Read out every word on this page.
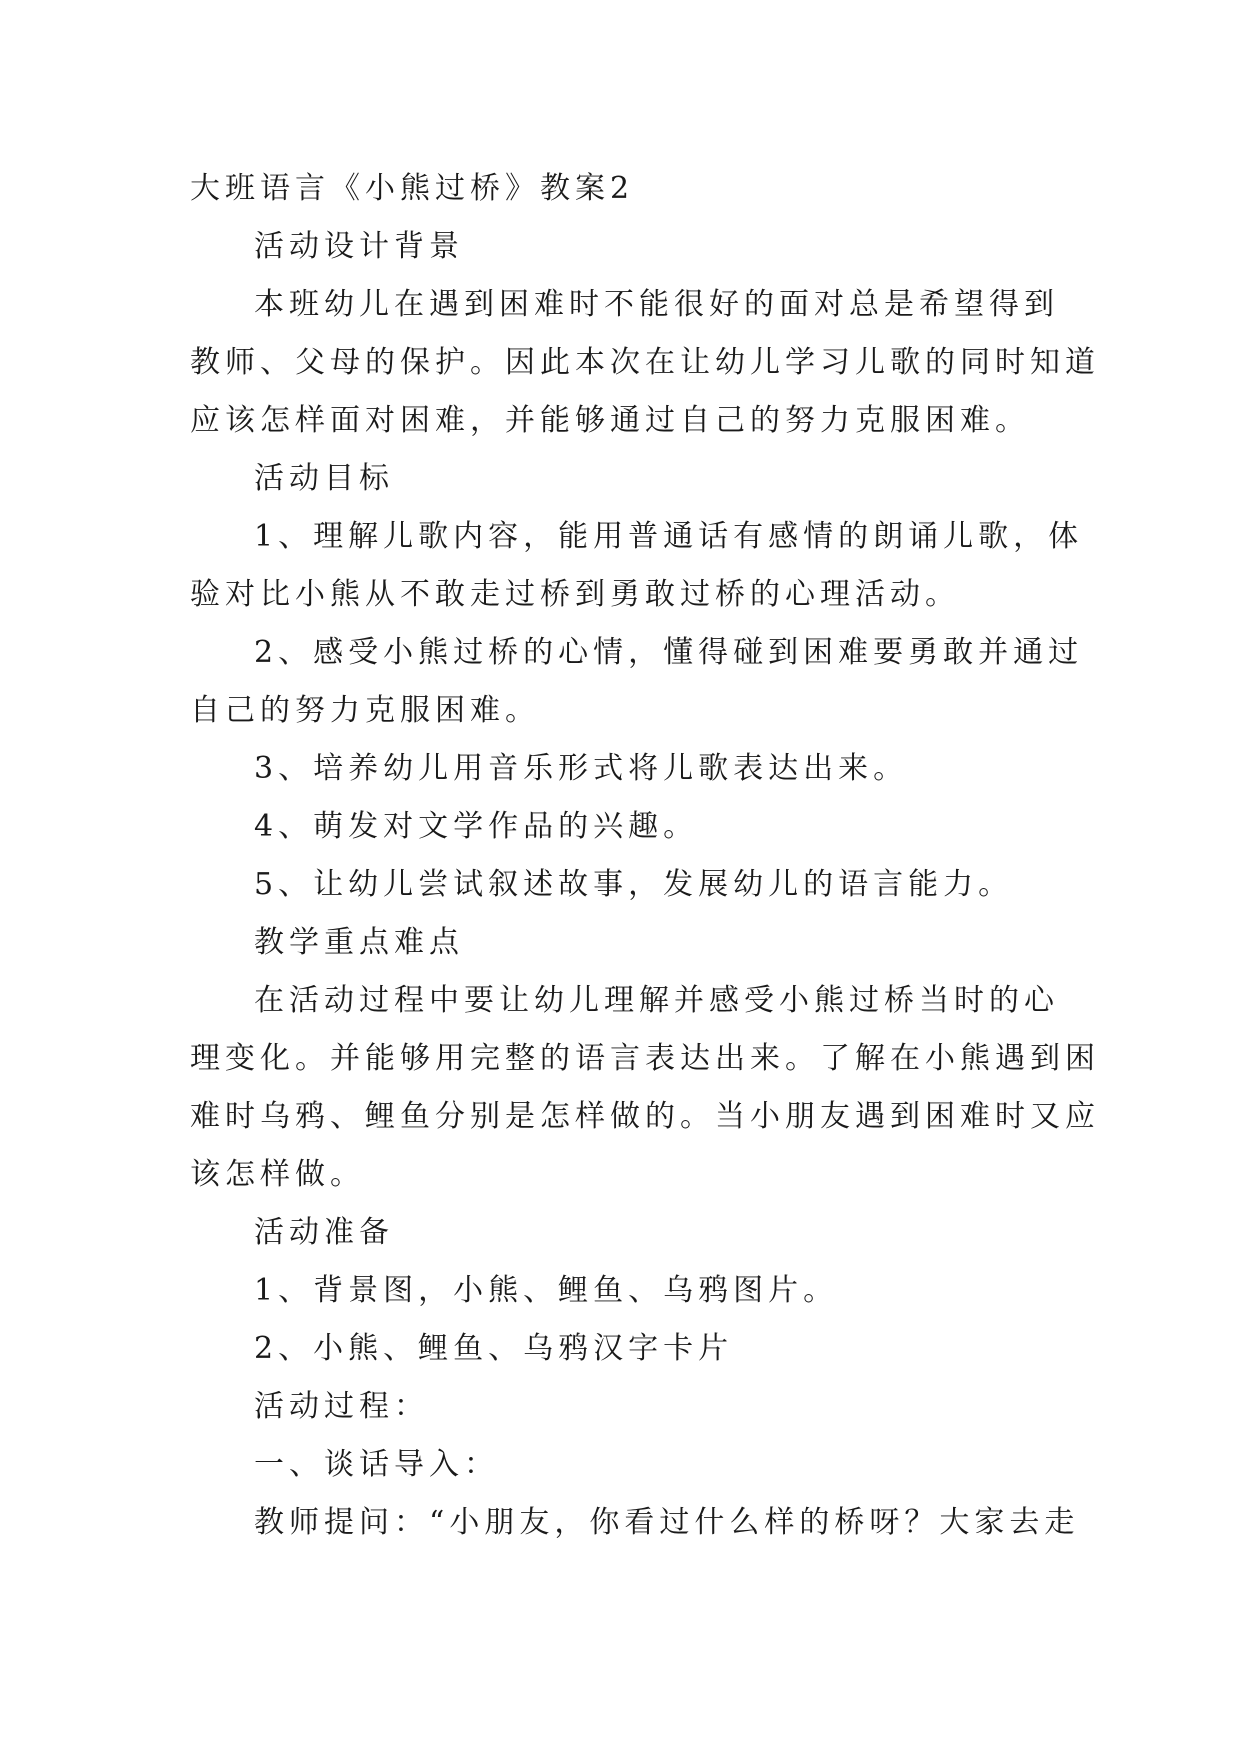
大班语言《小熊过桥》教案2
活动设计背景
本班幼儿在遇到困难时不能很好的面对总是希望得到
教师、父母的保护。因此本次在让幼儿学习儿歌的同时知道
应该怎样面对困难，并能够通过自己的努力克服困难。
活动目标
1、理解儿歌内容，能用普通话有感情的朗诵儿歌，体
验对比小熊从不敢走过桥到勇敢过桥的心理活动。
2、感受小熊过桥的心情，懂得碰到困难要勇敢并通过
自己的努力克服困难。
3、培养幼儿用音乐形式将儿歌表达出来。
4、萌发对文学作品的兴趣。
5、让幼儿尝试叙述故事，发展幼儿的语言能力。
教学重点难点
在活动过程中要让幼儿理解并感受小熊过桥当时的心
理变化。并能够用完整的语言表达出来。了解在小熊遇到困
难时乌鸦、鲤鱼分别是怎样做的。当小朋友遇到困难时又应
该怎样做。
活动准备
1、背景图，小熊、鲤鱼、乌鸦图片。
2、小熊、鲤鱼、乌鸦汉字卡片
活动过程：
一、谈话导入：
教师提问：“小朋友，你看过什么样的桥呀？大家去走
